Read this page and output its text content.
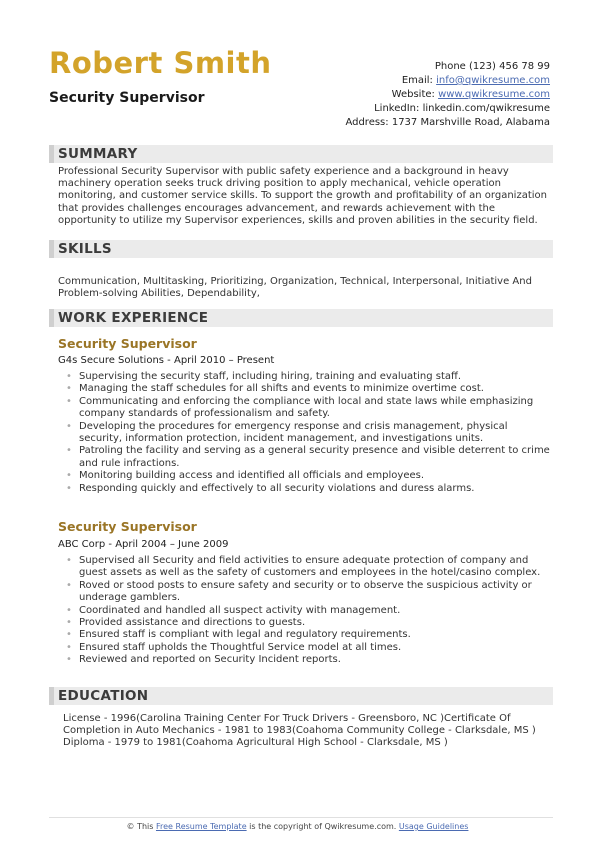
Robert Smith
Security Supervisor
Phone (123) 456 78 99
Email: info@qwikresume.com
Website: www.qwikresume.com
LinkedIn: linkedin.com/qwikresume
Address: 1737 Marshville Road, Alabama
SUMMARY
Professional Security Supervisor with public safety experience and a background in heavy machinery operation seeks truck driving position to apply mechanical, vehicle operation monitoring, and customer service skills. To support the growth and profitability of an organization that provides challenges encourages advancement, and rewards achievement with the opportunity to utilize my Supervisor experiences, skills and proven abilities in the security field.
SKILLS
Communication, Multitasking, Prioritizing, Organization, Technical, Interpersonal, Initiative And Problem-solving Abilities, Dependability,
WORK EXPERIENCE
Security Supervisor
G4s Secure Solutions - April 2010 – Present
• Supervising the security staff, including hiring, training and evaluating staff.
• Managing the staff schedules for all shifts and events to minimize overtime cost.
• Communicating and enforcing the compliance with local and state laws while emphasizing company standards of professionalism and safety.
• Developing the procedures for emergency response and crisis management, physical security, information protection, incident management, and investigations units.
• Patroling the facility and serving as a general security presence and visible deterrent to crime and rule infractions.
• Monitoring building access and identified all officials and employees.
• Responding quickly and effectively to all security violations and duress alarms.
Security Supervisor
ABC Corp - April 2004 – June 2009
• Supervised all Security and field activities to ensure adequate protection of company and guest assets as well as the safety of customers and employees in the hotel/casino complex.
• Roved or stood posts to ensure safety and security or to observe the suspicious activity or underage gamblers.
• Coordinated and handled all suspect activity with management.
• Provided assistance and directions to guests.
• Ensured staff is compliant with legal and regulatory requirements.
• Ensured staff upholds the Thoughtful Service model at all times.
• Reviewed and reported on Security Incident reports.
EDUCATION
License - 1996(Carolina Training Center For Truck Drivers - Greensboro, NC )Certificate Of Completion in Auto Mechanics - 1981 to 1983(Coahoma Community College - Clarksdale, MS ) Diploma - 1979 to 1981(Coahoma Agricultural High School - Clarksdale, MS )
© This Free Resume Template is the copyright of Qwikresume.com. Usage Guidelines
